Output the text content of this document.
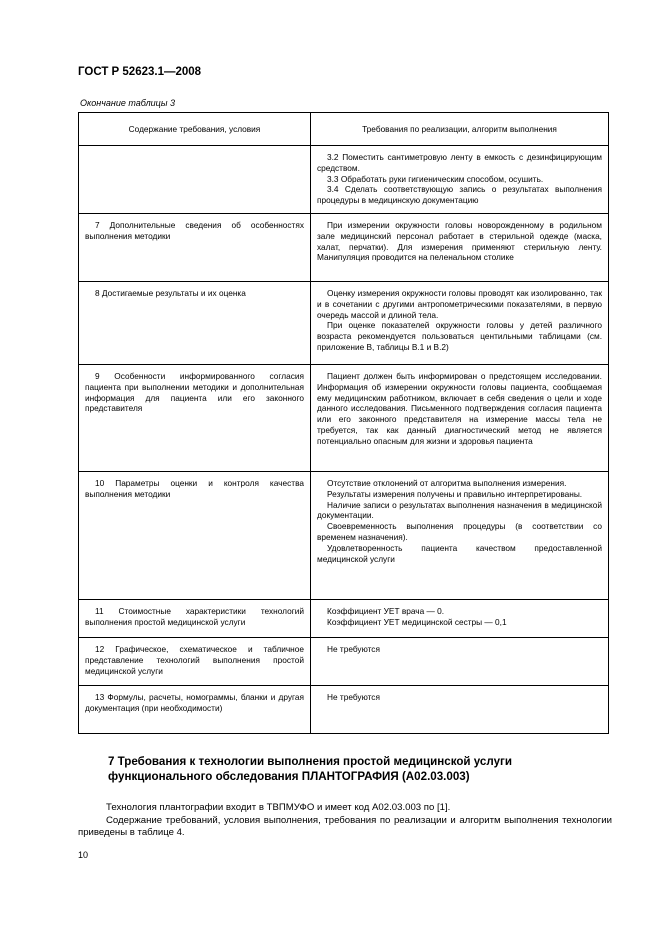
ГОСТ Р 52623.1—2008
Окончание таблицы 3
Содержание требования, условия	Требования по реализации, алгоритм выполнения

	3.2 Поместить сантиметровую ленту в емкость с дезинфицирующим средством.

3.3 Обработать руки гигиеническим способом, осушить.

3.4 Сделать соответствующую запись о результатах выполнения процедуры в медицинскую документацию

7 Дополнительные сведения об особенностях выполнения методики	При измерении окружности головы новорожденному в родильном зале медицинский персонал работает в стерильной одежде (маска, халат, перчатки). Для измерения применяют стерильную ленту. Манипуляция проводится на пеленальном столике

8 Достигаемые результаты и их оценка	Оценку измерения окружности головы проводят как изолированно, так и в сочетании с другими антропометрическими показателями, в первую очередь массой и длиной тела.

При оценке показателей окружности головы у детей различного возраста рекомендуется пользоваться центильными таблицами (см. приложение В, таблицы В.1 и В.2)

9 Особенности информированного согласия пациента при выполнении методики и дополнительная информация для пациента или его законного представителя	Пациент должен быть информирован о предстоящем исследовании. Информация об измерении окружности головы пациента, сообщаемая ему медицинским работником, включает в себя сведения о цели и ходе данного исследования. Письменного подтверждения согласия пациента или его законного представителя на измерение массы тела не требуется, так как данный диагностический метод не является потенциально опасным для жизни и здоровья пациента

10 Параметры оценки и контроля качества выполнения методики	Отсутствие отклонений от алгоритма выполнения измерения.

Результаты измерения получены и правильно интерпретированы.

Наличие записи о результатах выполнения назначения в медицинской документации.

Своевременность выполнения процедуры (в соответствии со временем назначения).

Удовлетворенность пациента качеством предоставленной медицинской услуги

11 Стоимостные характеристики технологий выполнения простой медицинской услуги	Коэффициент УЕТ врача — 0.

Коэффициент УЕТ медицинской сестры — 0,1

12 Графическое, схематическое и табличное представление технологий выполнения простой медицинской услуги	Не требуются

13 Формулы, расчеты, номограммы, бланки и другая документация (при необходимости)	Не требуются

7 Требования к технологии выполнения простой медицинской услуги функционального обследования ПЛАНТОГРАФИЯ (А02.03.003)

Технология плантографии входит в ТВПМУФО и имеет код А02.03.003 по [1].

Содержание требований, условия выполнения, требования по реализации и алгоритм выполнения технологии приведены в таблице 4.

10
